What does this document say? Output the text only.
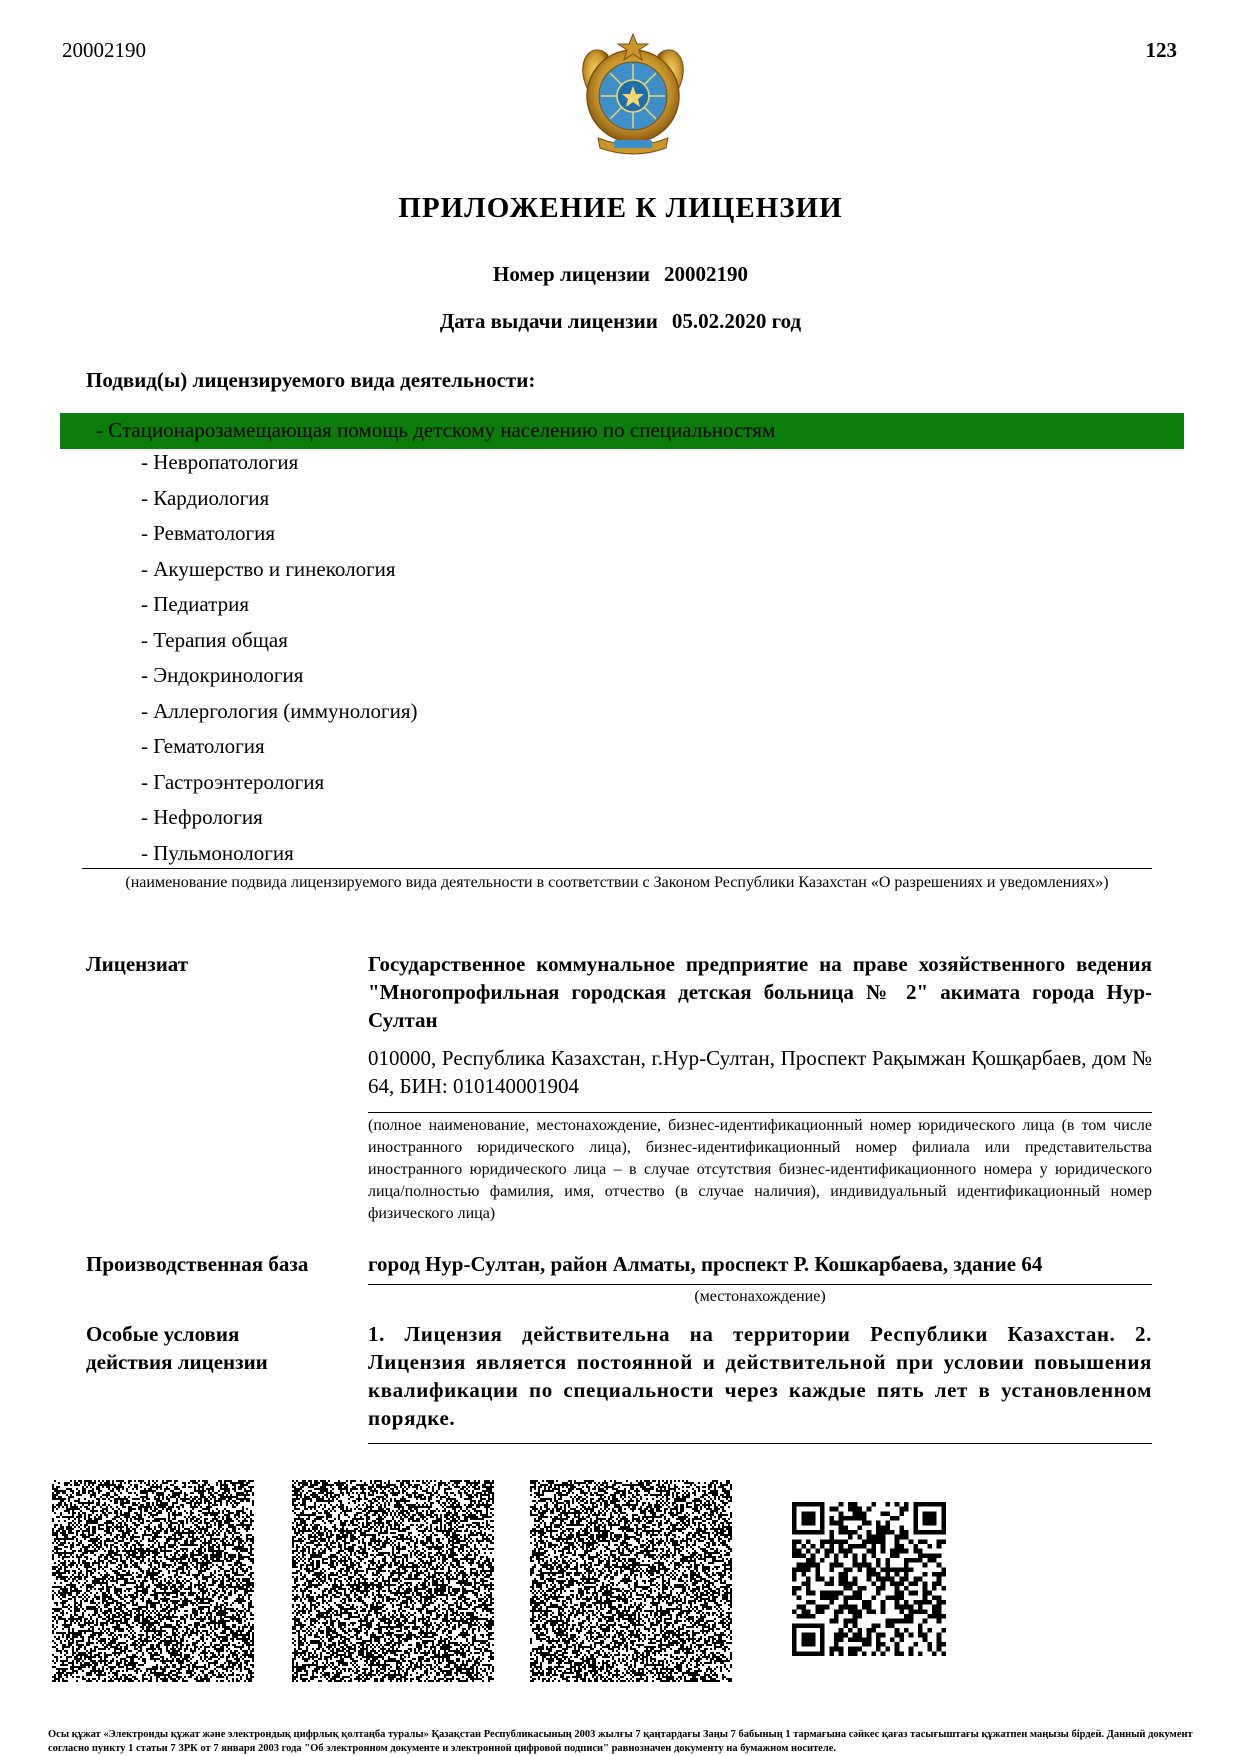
20002190	123
ПРИЛОЖЕНИЕ К ЛИЦЕНЗИИ
Номер лицензии 20002190
Дата выдачи лицензии 05.02.2020 год
Подвид(ы) лицензируемого вида деятельности:
- Стационарозамещающая помощь детскому населению по специальностям
- Невропатология
- Кардиология
- Ревматология
- Акушерство и гинекология
- Педиатрия
- Терапия общая
- Эндокринология
- Аллергология (иммунология)
- Гематология
- Гастроэнтерология
- Нефрология
- Пульмонология
(наименование подвида лицензируемого вида деятельности в соответствии с Законом Республики Казахстан «О разрешениях и уведомлениях»)
Лицензиат	Государственное коммунальное предприятие на праве хозяйственного ведения "Многопрофильная городская детская больница № 2" акимата города Нур-Султан
010000, Республика Казахстан, г.Нур-Султан, Проспект Рақымжан Қошқарбаев, дом № 64, БИН: 010140001904
(полное наименование, местонахождение, бизнес-идентификационный номер юридического лица (в том числе иностранного юридического лица), бизнес-идентификационный номер филиала или представительства иностранного юридического лица – в случае отсутствия бизнес-идентификационного номера у юридического лица/полностью фамилия, имя, отчество (в случае наличия), индивидуальный идентификационный номер физического лица)
Производственная база	город Нур-Султан, район Алматы, проспект Р. Кошкарбаева, здание 64
(местонахождение)
Особые условия действия лицензии
1. Лицензия действительна на территории Республики Казахстан. 2. Лицензия является постоянной и действительной при условии повышения квалификации по специальности через каждые пять лет в установленном порядке.
Осы құжат «Электронды құжат және электрондық цифрлық қолтаңба туралы» Қазақстан Республикасының 2003 жылғы 7 қаңтардағы Заңы 7 бабының 1 тармағына сәйкес қағаз тасығыштағы құжатпен маңызы бірдей. Данный документ согласно пункту 1 статьи 7 ЗРК от 7 января 2003 года "Об электронном документе и электронной цифровой подписи" равнозначен документу на бумажном носителе.
